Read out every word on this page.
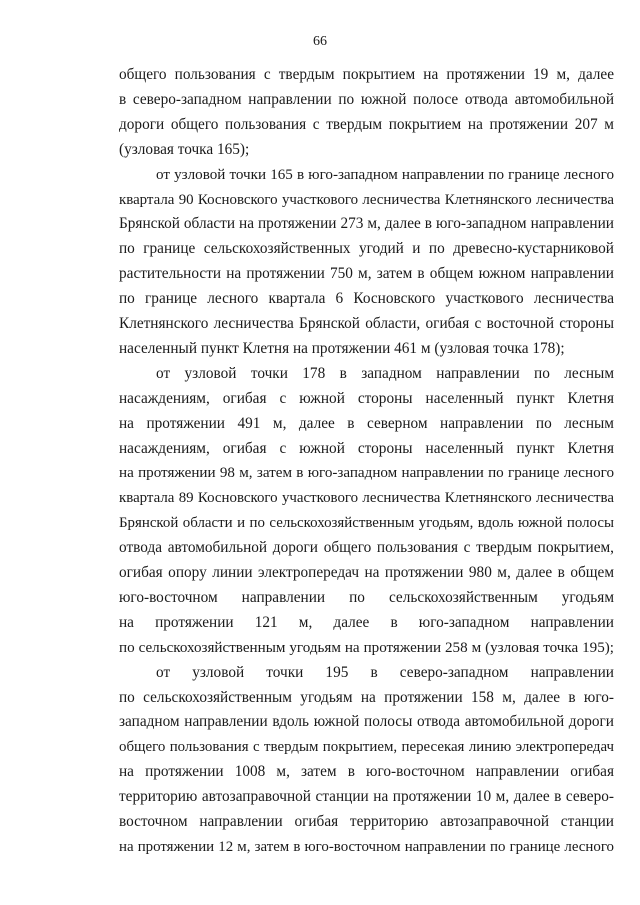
66
общего пользования с твердым покрытием на протяжении 19 м, далее
в северо-западном направлении по южной полосе отвода автомобильной
дороги общего пользования с твердым покрытием на протяжении 207 м
(узловая точка 165);
от узловой точки 165 в юго-западном направлении по границе лесного
квартала 90 Косновского участкового лесничества Клетнянского лесничества
Брянской области на протяжении 273 м, далее в юго-западном направлении
по границе сельскохозяйственных угодий и по древесно-кустарниковой
растительности на протяжении 750 м, затем в общем южном направлении
по границе лесного квартала 6 Косновского участкового лесничества
Клетнянского лесничества Брянской области, огибая с восточной стороны
населенный пункт Клетня на протяжении 461 м (узловая точка 178);
от узловой точки 178 в западном направлении по лесным
насаждениям, огибая с южной стороны населенный пункт Клетня
на протяжении 491 м, далее в северном направлении по лесным
насаждениям, огибая с южной стороны населенный пункт Клетня
на протяжении 98 м, затем в юго-западном направлении по границе лесного
квартала 89 Косновского участкового лесничества Клетнянского лесничества
Брянской области и по сельскохозяйственным угодьям, вдоль южной полосы
отвода автомобильной дороги общего пользования с твердым покрытием,
огибая опору линии электропередач на протяжении 980 м, далее в общем
юго-восточном направлении по сельскохозяйственным угодьям
на протяжении 121 м, далее в юго-западном направлении
по сельскохозяйственным угодьям на протяжении 258 м (узловая точка 195);
от узловой точки 195 в северо-западном направлении
по сельскохозяйственным угодьям на протяжении 158 м, далее в юго-
западном направлении вдоль южной полосы отвода автомобильной дороги
общего пользования с твердым покрытием, пересекая линию электропередач
на протяжении 1008 м, затем в юго-восточном направлении огибая
территорию автозаправочной станции на протяжении 10 м, далее в северо-
восточном направлении огибая территорию автозаправочной станции
на протяжении 12 м, затем в юго-восточном направлении по границе лесного
